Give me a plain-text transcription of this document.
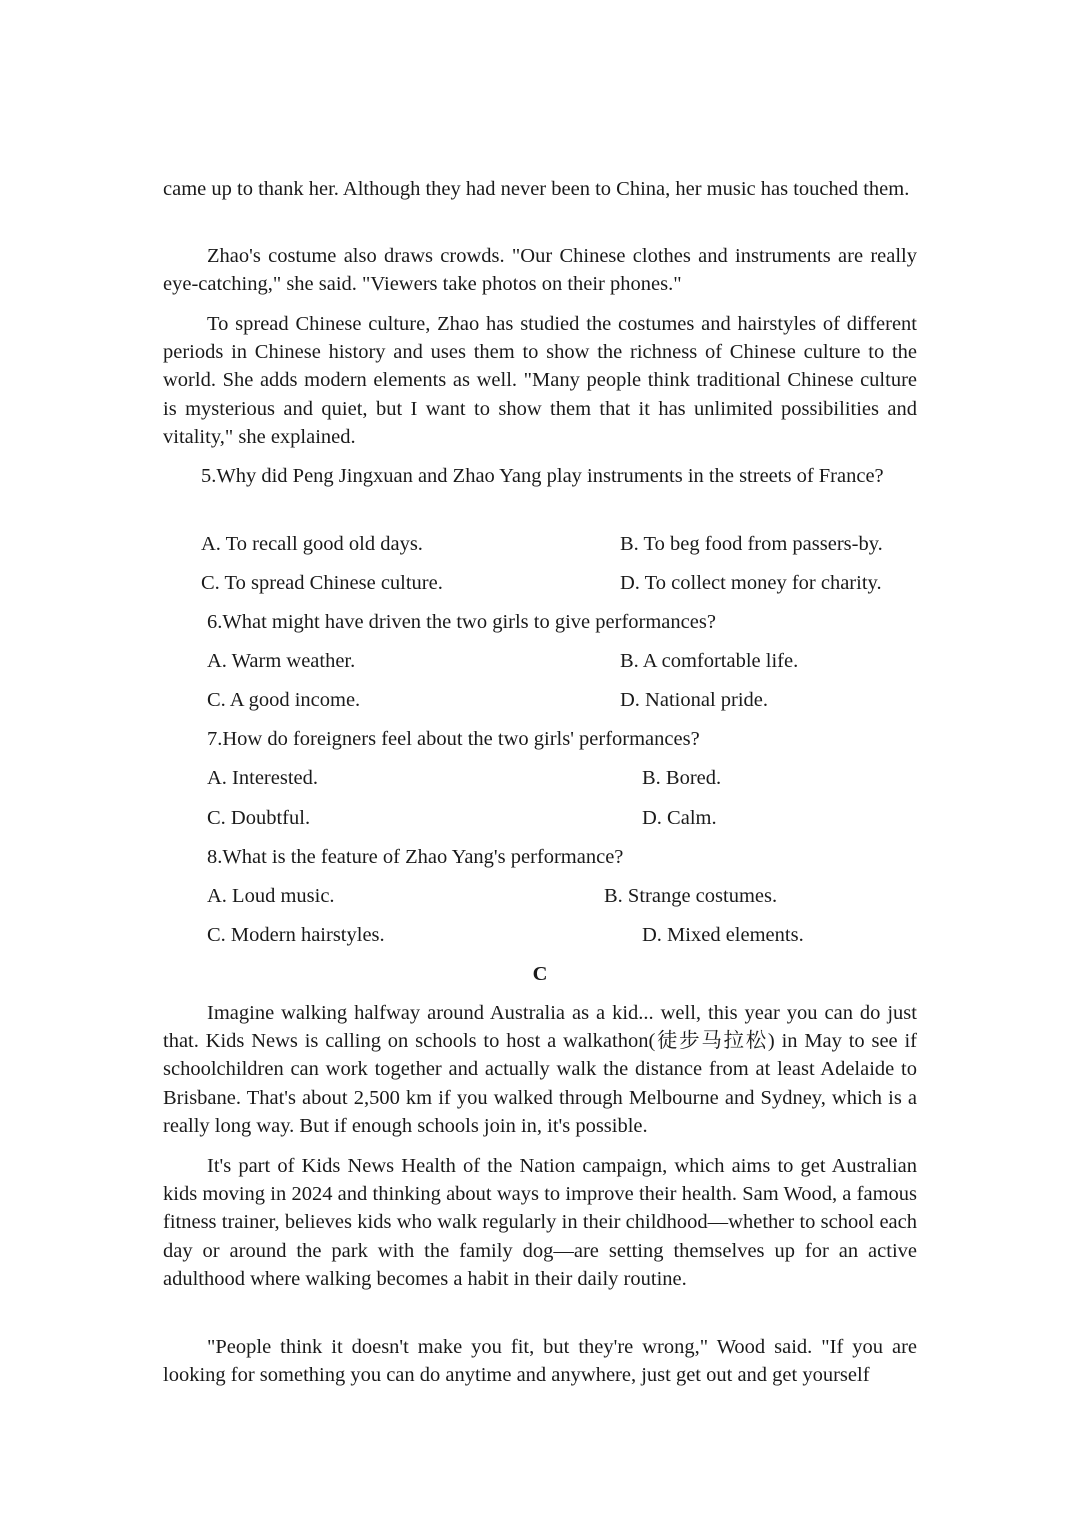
came up to thank her. Although they had never been to China, her music has touched them.

Zhao's costume also draws crowds. "Our Chinese clothes and instruments are really eye-catching," she said. "Viewers take photos on their phones."

To spread Chinese culture, Zhao has studied the costumes and hairstyles of different periods in Chinese history and uses them to show the richness of Chinese culture to the world. She adds modern elements as well. "Many people think traditional Chinese culture is mysterious and quiet, but I want to show them that it has unlimited possibilities and vitality," she explained.

5.Why did Peng Jingxuan and Zhao Yang play instruments in the streets of France?

A. To recall good old days.	B. To beg food from passers-by.
C. To spread Chinese culture.	D. To collect money for charity.

6.What might have driven the two girls to give performances?

A. Warm weather.	B. A comfortable life.
C. A good income.	D. National pride.

7.How do foreigners feel about the two girls' performances?

A. Interested.	B. Bored.
C. Doubtful.	D. Calm.

8.What is the feature of Zhao Yang's performance?

A. Loud music.	B. Strange costumes.
C. Modern hairstyles.	D. Mixed elements.

C

Imagine walking halfway around Australia as a kid... well, this year you can do just that. Kids News is calling on schools to host a walkathon(徒步马拉松) in May to see if schoolchildren can work together and actually walk the distance from at least Adelaide to Brisbane. That's about 2,500 km if you walked through Melbourne and Sydney, which is a really long way. But if enough schools join in, it's possible.

It's part of Kids News Health of the Nation campaign, which aims to get Australian kids moving in 2024 and thinking about ways to improve their health. Sam Wood, a famous fitness trainer, believes kids who walk regularly in their childhood—whether to school each day or around the park with the family dog—are setting themselves up for an active adulthood where walking becomes a habit in their daily routine.

"People think it doesn't make you fit, but they're wrong," Wood said. "If you are looking for something you can do anytime and anywhere, just get out and get yourself
